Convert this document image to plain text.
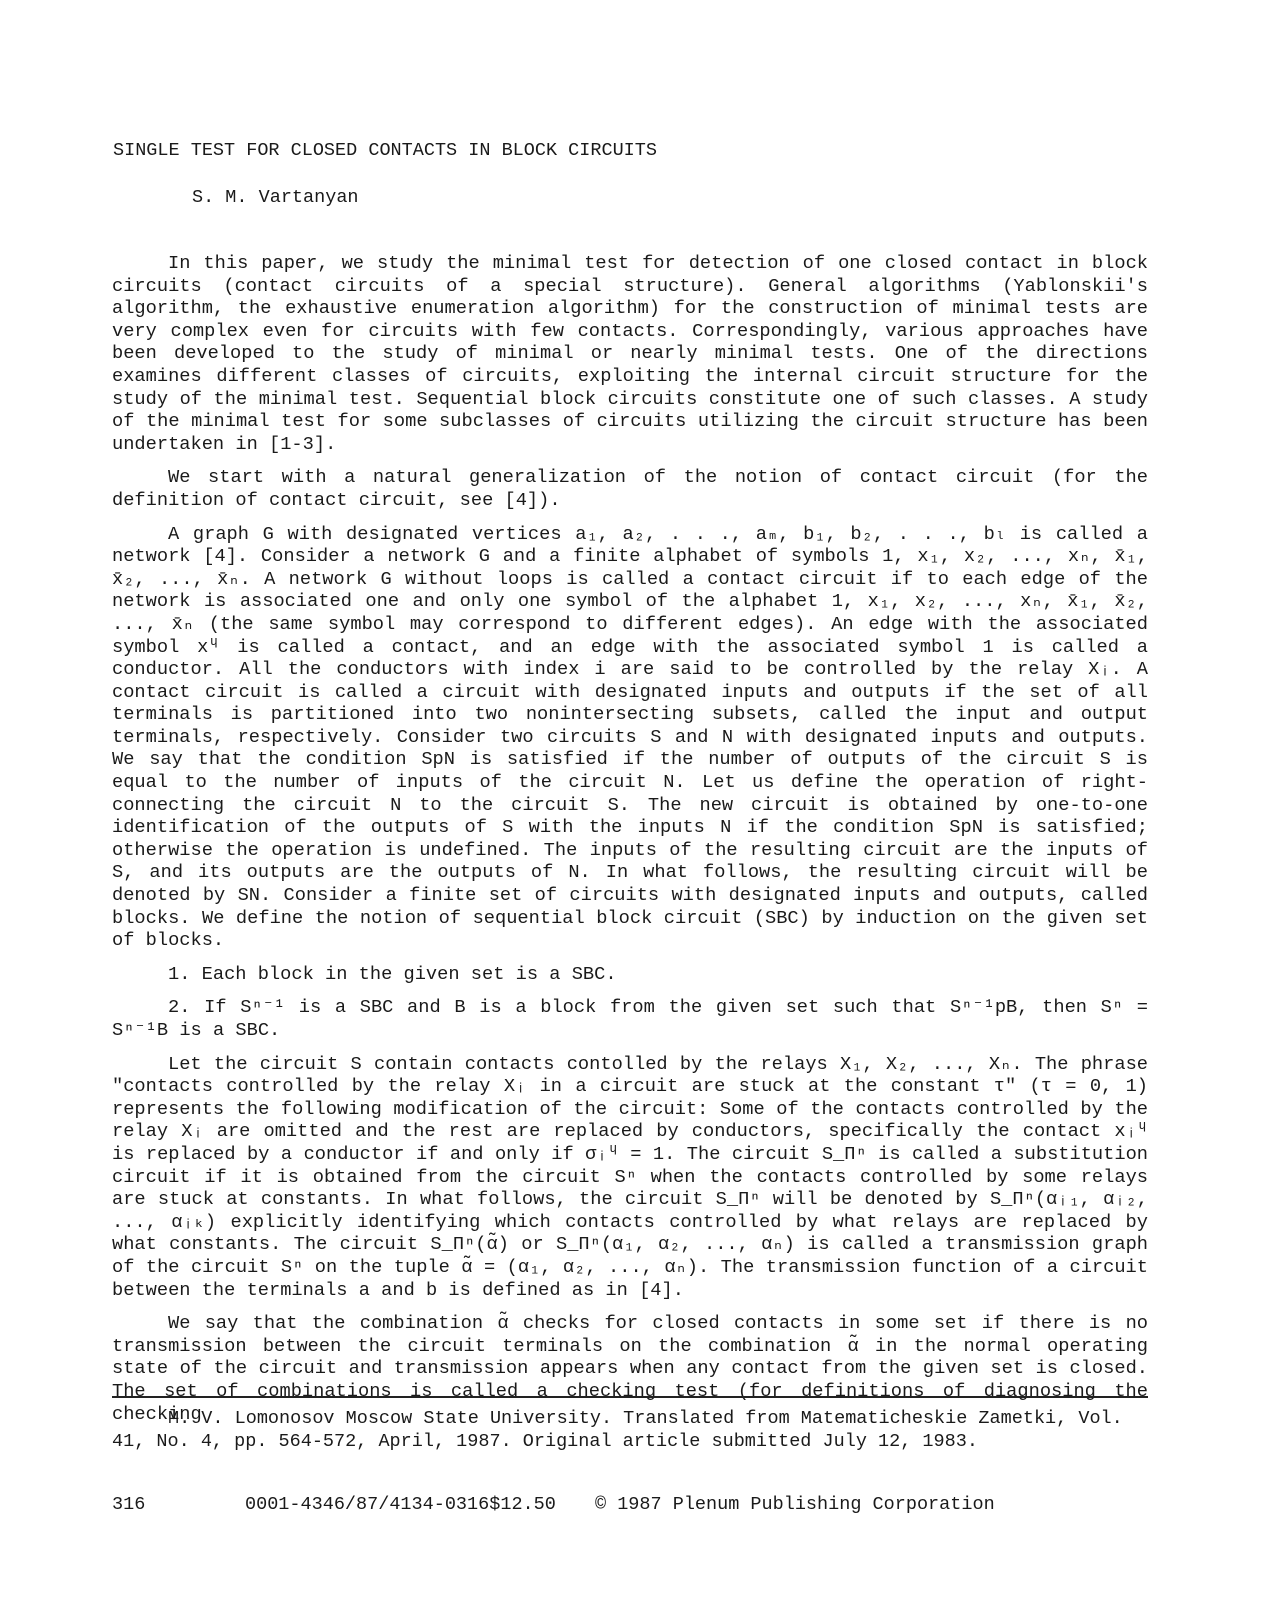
SINGLE TEST FOR CLOSED CONTACTS IN BLOCK CIRCUITS
S. M. Vartanyan

In this paper, we study the minimal test for detection of one closed contact in block circuits (contact circuits of a special structure). General algorithms (Yablonskii's algorithm, the exhaustive enumeration algorithm) for the construction of minimal tests are very complex even for circuits with few contacts. Correspondingly, various approaches have been developed to the study of minimal or nearly minimal tests. One of the directions examines different classes of circuits, exploiting the internal circuit structure for the study of the minimal test. Sequential block circuits constitute one of such classes. A study of the minimal test for some subclasses of circuits utilizing the circuit structure has been undertaken in [1-3].

We start with a natural generalization of the notion of contact circuit (for the definition of contact circuit, see [4]).

A graph G with designated vertices a₁, a₂, . . ., aₘ, b₁, b₂, . . ., bₗ is called a network [4]. Consider a network G and a finite alphabet of symbols 1, x₁, x₂, ..., xₙ, x̄₁, x̄₂, ..., x̄ₙ. A network G without loops is called a contact circuit if to each edge of the network is associated one and only one symbol of the alphabet 1, x₁, x₂, ..., xₙ, x̄₁, x̄₂, ..., x̄ₙ (the same symbol may correspond to different edges). An edge with the associated symbol xᶣ is called a contact, and an edge with the associated symbol 1 is called a conductor. All the conductors with index i are said to be controlled by the relay Xᵢ. A contact circuit is called a circuit with designated inputs and outputs if the set of all terminals is partitioned into two nonintersecting subsets, called the input and output terminals, respectively. Consider two circuits S and N with designated inputs and outputs. We say that the condition SpN is satisfied if the number of outputs of the circuit S is equal to the number of inputs of the circuit N. Let us define the operation of right-connecting the circuit N to the circuit S. The new circuit is obtained by one-to-one identification of the outputs of S with the inputs N if the condition SpN is satisfied; otherwise the operation is undefined. The inputs of the resulting circuit are the inputs of S, and its outputs are the outputs of N. In what follows, the resulting circuit will be denoted by SN. Consider a finite set of circuits with designated inputs and outputs, called blocks. We define the notion of sequential block circuit (SBC) by induction on the given set of blocks.

1. Each block in the given set is a SBC.

2. If Sⁿ⁻¹ is a SBC and B is a block from the given set such that Sⁿ⁻¹pB, then Sⁿ = Sⁿ⁻¹B is a SBC.

Let the circuit S contain contacts contolled by the relays X₁, X₂, ..., Xₙ. The phrase "contacts controlled by the relay Xᵢ in a circuit are stuck at the constant τ" (τ = 0, 1) represents the following modification of the circuit: Some of the contacts controlled by the relay Xᵢ are omitted and the rest are replaced by conductors, specifically the contact xᵢᶣ is replaced by a conductor if and only if σᵢᶣ = 1. The circuit S_Πⁿ is called a substitution circuit if it is obtained from the circuit Sⁿ when the contacts controlled by some relays are stuck at constants. In what follows, the circuit S_Πⁿ will be denoted by S_Πⁿ(αᵢ₁, αᵢ₂, ..., αᵢₖ) explicitly identifying which contacts controlled by what relays are replaced by what constants. The circuit S_Πⁿ(α̃) or S_Πⁿ(α₁, α₂, ..., αₙ) is called a transmission graph of the circuit Sⁿ on the tuple α̃ = (α₁, α₂, ..., αₙ). The transmission function of a circuit between the terminals a and b is defined as in [4].

We say that the combination α̃ checks for closed contacts in some set if there is no transmission between the circuit terminals on the combination α̃ in the normal operating state of the circuit and transmission appears when any contact from the given set is closed. The set of combinations is called a checking test (for definitions of diagnosing the checking

M. V. Lomonosov Moscow State University. Translated from Matematicheskie Zametki, Vol. 41, No. 4, pp. 564-572, April, 1987. Original article submitted July 12, 1983.

316	0001-4346/87/4134-0316$12.50 © 1987 Plenum Publishing Corporation
